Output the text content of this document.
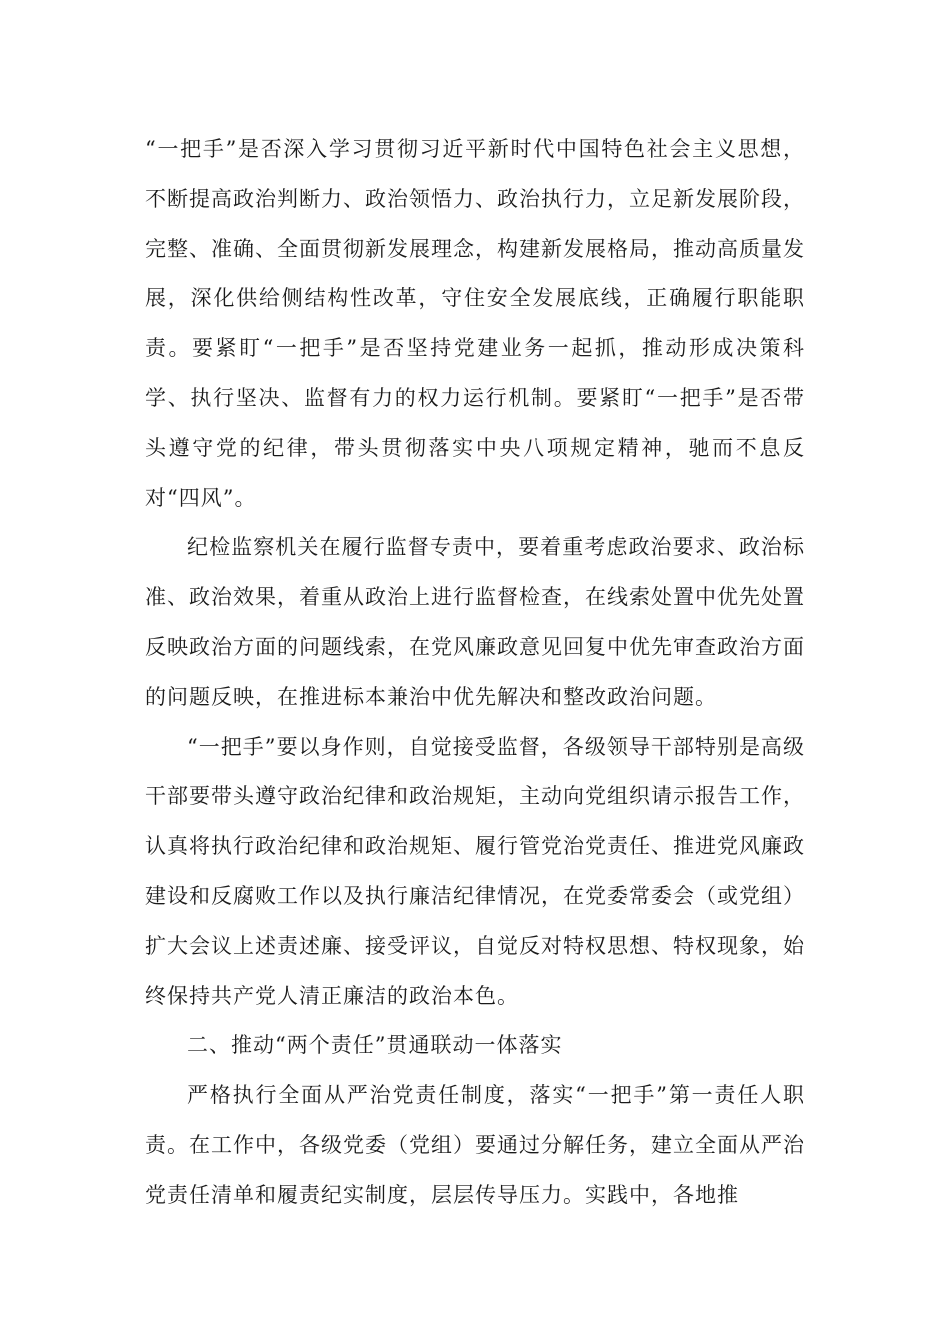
“一把手”是否深入学习贯彻习近平新时代中国特色社会主义思想，不断提高政治判断力、政治领悟力、政治执行力，立足新发展阶段，完整、准确、全面贯彻新发展理念，构建新发展格局，推动高质量发展，深化供给侧结构性改革，守住安全发展底线，正确履行职能职责。要紧盯“一把手”是否坚持党建业务一起抓，推动形成决策科学、执行坚决、监督有力的权力运行机制。要紧盯“一把手”是否带头遵守党的纪律，带头贯彻落实中央八项规定精神，驰而不息反对“四风”。

纪检监察机关在履行监督专责中，要着重考虑政治要求、政治标准、政治效果，着重从政治上进行监督检查，在线索处置中优先处置反映政治方面的问题线索，在党风廉政意见回复中优先审查政治方面的问题反映，在推进标本兼治中优先解决和整改政治问题。

“一把手”要以身作则，自觉接受监督，各级领导干部特别是高级干部要带头遵守政治纪律和政治规矩，主动向党组织请示报告工作，认真将执行政治纪律和政治规矩、履行管党治党责任、推进党风廉政建设和反腐败工作以及执行廉洁纪律情况，在党委常委会（或党组）扩大会议上述责述廉、接受评议，自觉反对特权思想、特权现象，始终保持共产党人清正廉洁的政治本色。

二、推动“两个责任”贯通联动一体落实

严格执行全面从严治党责任制度，落实“一把手”第一责任人职责。在工作中，各级党委（党组）要通过分解任务，建立全面从严治党责任清单和履责纪实制度，层层传导压力。实践中，各地推
